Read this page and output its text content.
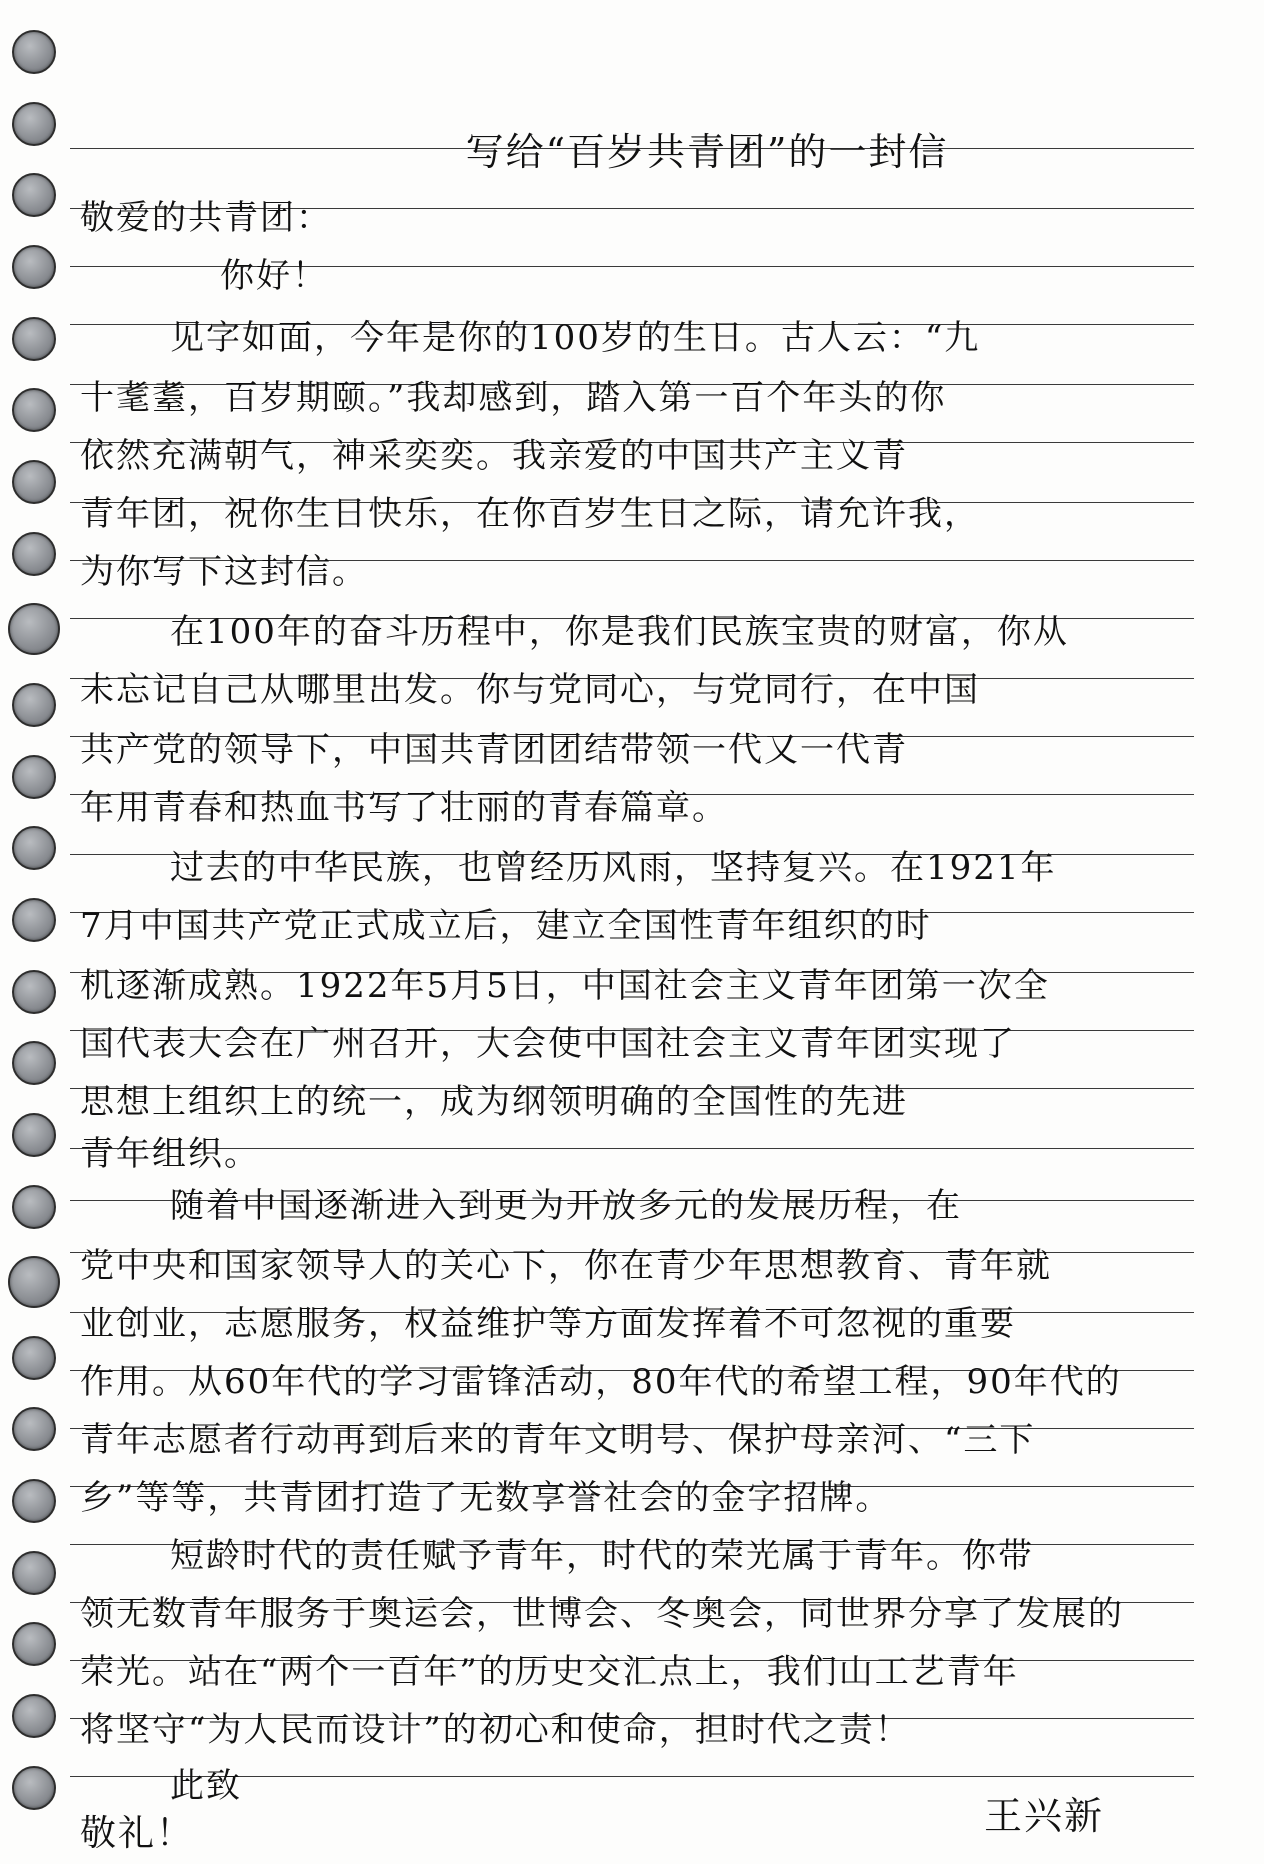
写给“百岁共青团”的一封信
敬爱的共青团：
你好！
见字如面，今年是你的100岁的生日。古人云：“九
十耄耋，百岁期颐。”我却感到，踏入第一百个年头的你
依然充满朝气，神采奕奕。我亲爱的中国共产主义青
青年团，祝你生日快乐，在你百岁生日之际，请允许我，
为你写下这封信。
在100年的奋斗历程中，你是我们民族宝贵的财富，你从
未忘记自己从哪里出发。你与党同心，与党同行，在中国
共产党的领导下，中国共青团团结带领一代又一代青
年用青春和热血书写了壮丽的青春篇章。
过去的中华民族，也曾经历风雨，坚持复兴。在1921年
7月中国共产党正式成立后，建立全国性青年组织的时
机逐渐成熟。1922年5月5日，中国社会主义青年团第一次全
国代表大会在广州召开，大会使中国社会主义青年团实现了
思想上组织上的统一，成为纲领明确的全国性的先进
青年组织。
随着中国逐渐进入到更为开放多元的发展历程，在
党中央和国家领导人的关心下，你在青少年思想教育、青年就
业创业，志愿服务，权益维护等方面发挥着不可忽视的重要
作用。从60年代的学习雷锋活动，80年代的希望工程，90年代的
青年志愿者行动再到后来的青年文明号、保护母亲河、“三下
乡”等等，共青团打造了无数享誉社会的金字招牌。
短龄时代的责任赋予青年，时代的荣光属于青年。你带
领无数青年服务于奥运会，世博会、冬奥会，同世界分享了发展的
荣光。站在“两个一百年”的历史交汇点上，我们山工艺青年
将坚守“为人民而设计”的初心和使命，担时代之责！
此致
敬礼！	王兴新
